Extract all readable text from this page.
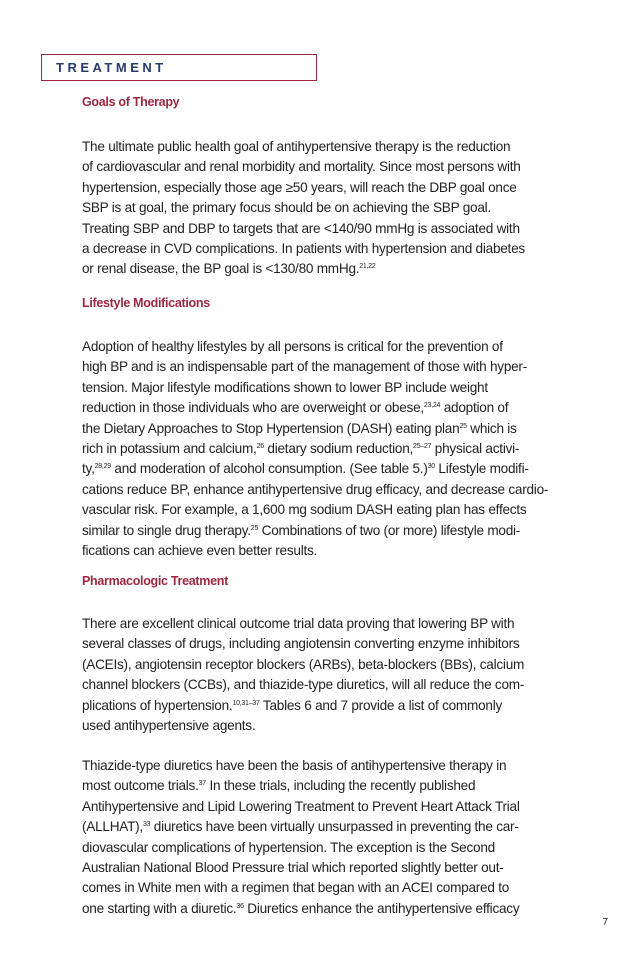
TREATMENT
Goals of Therapy
The ultimate public health goal of antihypertensive therapy is the reduction
of cardiovascular and renal morbidity and mortality. Since most persons with
hypertension, especially those age ≥50 years, will reach the DBP goal once
SBP is at goal, the primary focus should be on achieving the SBP goal.
Treating SBP and DBP to targets that are <140/90 mmHg is associated with
a decrease in CVD complications. In patients with hypertension and diabetes
or renal disease, the BP goal is <130/80 mmHg.$^{21,22}$
Lifestyle Modifications
Adoption of healthy lifestyles by all persons is critical for the prevention of
high BP and is an indispensable part of the management of those with hyper-
tension. Major lifestyle modifications shown to lower BP include weight
reduction in those individuals who are overweight or obese,$^{23,24}$ adoption of
the Dietary Approaches to Stop Hypertension (DASH) eating plan$^{25}$ which is
rich in potassium and calcium,$^{26}$ dietary sodium reduction,$^{25-27}$ physical activi-
ty,$^{28,29}$ and moderation of alcohol consumption. (See table 5.)$^{30}$ Lifestyle modifi-
cations reduce BP, enhance antihypertensive drug efficacy, and decrease cardio-
vascular risk. For example, a 1,600 mg sodium DASH eating plan has effects
similar to single drug therapy.$^{25}$ Combinations of two (or more) lifestyle modi-
fications can achieve even better results.
Pharmacologic Treatment
There are excellent clinical outcome trial data proving that lowering BP with
several classes of drugs, including angiotensin converting enzyme inhibitors
(ACEIs), angiotensin receptor blockers (ARBs), beta-blockers (BBs), calcium
channel blockers (CCBs), and thiazide-type diuretics, will all reduce the com-
plications of hypertension.$^{10,31-37}$ Tables 6 and 7 provide a list of commonly
used antihypertensive agents.
Thiazide-type diuretics have been the basis of antihypertensive therapy in
most outcome trials.$^{37}$ In these trials, including the recently published
Antihypertensive and Lipid Lowering Treatment to Prevent Heart Attack Trial
(ALLHAT),$^{33}$ diuretics have been virtually unsurpassed in preventing the car-
diovascular complications of hypertension. The exception is the Second
Australian National Blood Pressure trial which reported slightly better out-
comes in White men with a regimen that began with an ACEI compared to
one starting with a diuretic.$^{36}$ Diuretics enhance the antihypertensive efficacy
7
